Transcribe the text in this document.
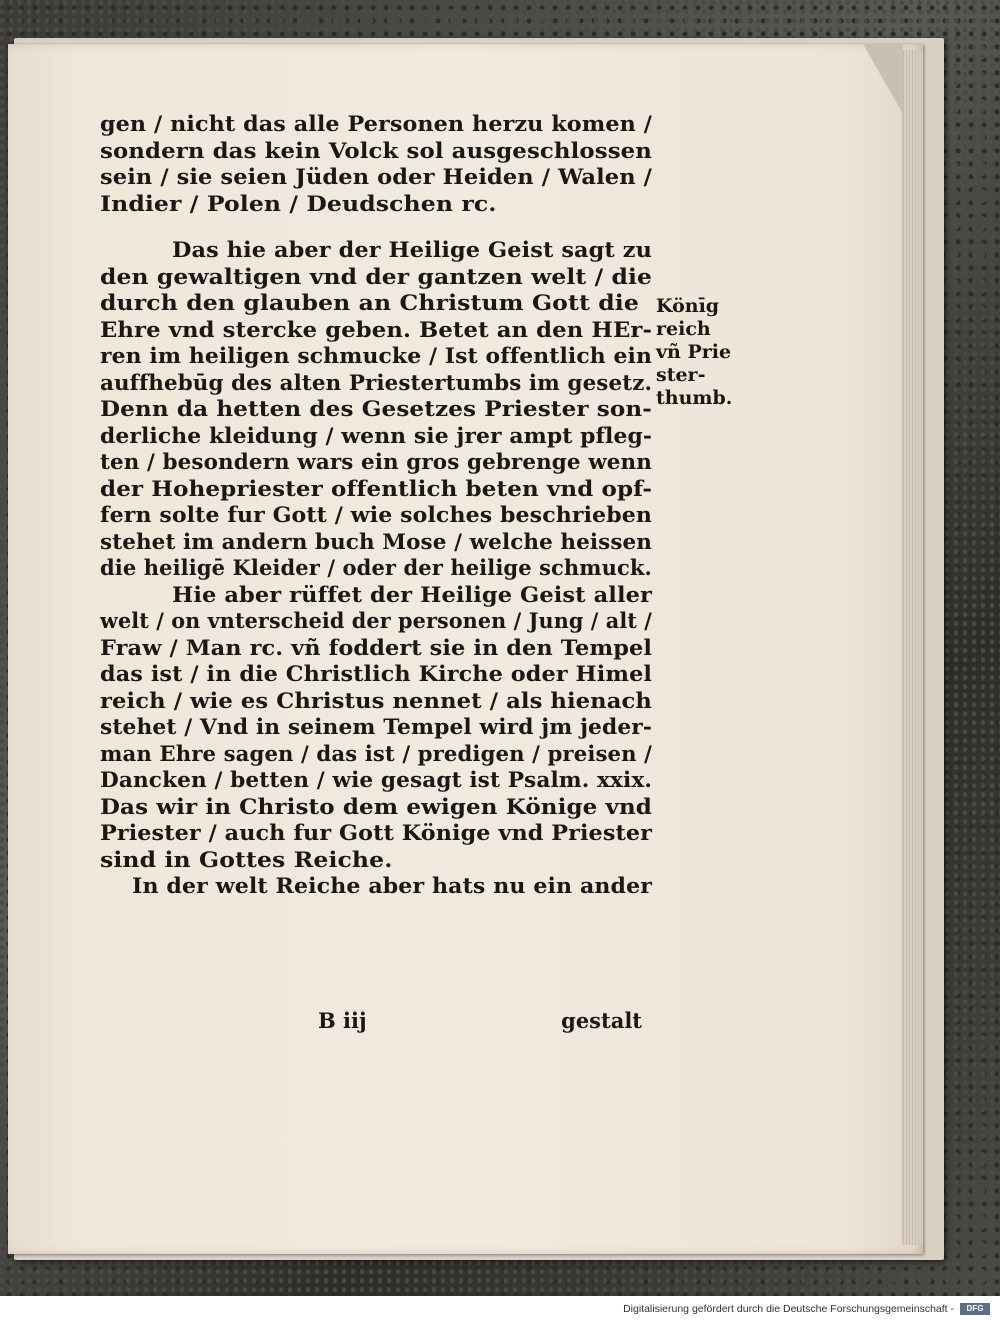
gen / nicht das alle Personen herzu komen /
sondern das kein Volck sol ausgeschlossen
sein / sie seien Jüden oder Heiden / Walen /
Indier / Polen / Deudschen rc.
Das hie aber der Heilige Geist sagt zu
den gewaltigen vnd der gantzen welt / die
durch den glauben an Christum Gott die
Ehre vnd stercke geben. Betet an den HEr-
ren im heiligen schmucke / Ist offentlich ein
auffhebūg des alten Priestertumbs im gesetz.
Denn da hetten des Gesetzes Priester son-
derliche kleidung / wenn sie jrer ampt pfleg-
ten / besondern wars ein gros gebrenge wenn
der Hohepriester offentlich beten vnd opf-
fern solte fur Gott / wie solches beschrieben
stehet im andern buch Mose / welche heissen
die heiligē Kleider / oder der heilige schmuck.
Hie aber rüffet der Heilige Geist aller
welt / on vnterscheid der personen / Jung / alt /
Fraw / Man rc. vñ foddert sie in den Tempel
das ist / in die Christlich Kirche oder Himel
reich / wie es Christus nennet / als hienach
stehet / Vnd in seinem Tempel wird jm jeder-
man Ehre sagen / das ist / predigen / preisen /
Dancken / betten / wie gesagt ist Psalm. xxix.
Das wir in Christo dem ewigen Könige vnd
Priester / auch fur Gott Könige vnd Priester
sind in Gottes Reiche.
In der welt Reiche aber hats nu ein ander
B iij	gestalt
Könīg
reich
vñ Prie
ster-
thumb.
Digitalisierung gefördert durch die Deutsche Forschungsgemeinschaft -	DFG
